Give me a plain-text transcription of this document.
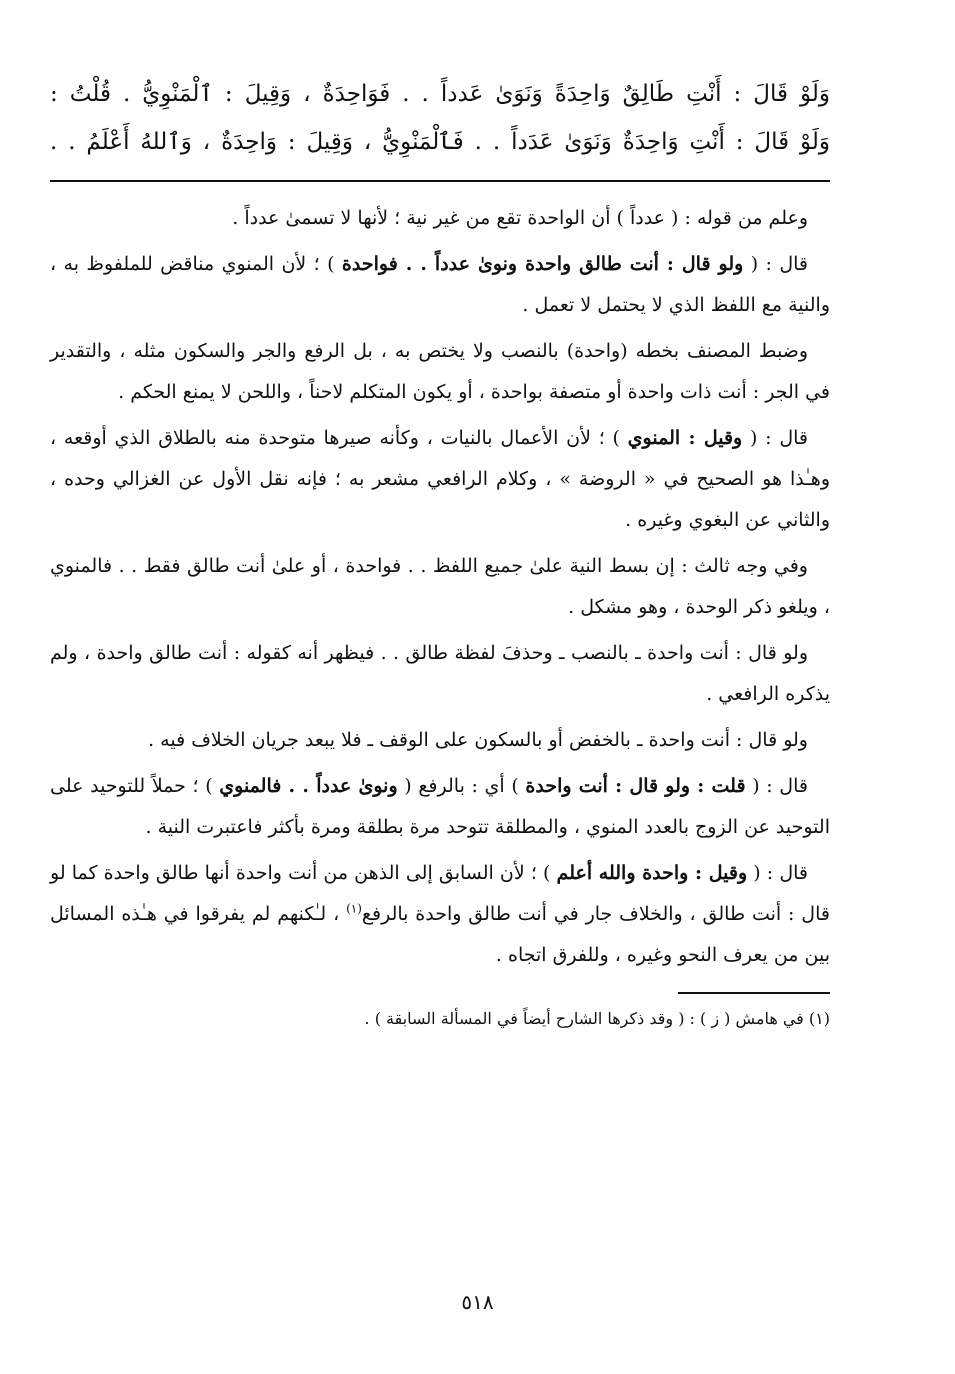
وَلَوْ قَالَ : أَنْتِ طَالِقٌ وَاحِدَةً وَنَوَىٰ عَدداً . . فَوَاحِدَةٌ ، وَقِيلَ : ٱلْمَنْوِيُّ . قُلْتُ :

وَلَوْ قَالَ : أَنْتِ وَاحِدَةٌ وَنَوَىٰ عَدَداً . . فَٱلْمَنْوِيُّ ، وَقِيلَ : وَاحِدَةٌ ، وَٱللهُ أَعْلَمُ . .

وعلم من قوله : ( عدداً ) أن الواحدة تقع من غير نية ؛ لأنها لا تسمىٰ عدداً .

قال : ( ولو قال : أنت طالق واحدة ونوىٰ عدداً . . فواحدة ) ؛ لأن المنوي مناقض للملفوظ به ، والنية مع اللفظ الذي لا يحتمل لا تعمل .

وضبط المصنف بخطه (واحدة) بالنصب ولا يختص به ، بل الرفع والجر والسكون مثله ، والتقدير في الجر : أنت ذات واحدة أو متصفة بواحدة ، أو يكون المتكلم لاحناً ، واللحن لا يمنع الحكم .

قال : ( وقيل : المنوي ) ؛ لأن الأعمال بالنيات ، وكأنه صيرها متوحدة منه بالطلاق الذي أوقعه ، وهـٰذا هو الصحيح في « الروضة » ، وكلام الرافعي مشعر به ؛ فإنه نقل الأول عن الغزالي وحده ، والثاني عن البغوي وغيره .

وفي وجه ثالث : إن بسط النية علىٰ جميع اللفظ . . فواحدة ، أو علىٰ أنت طالق فقط . . فالمنوي ، ويلغو ذكر الوحدة ، وهو مشكل .

ولو قال : أنت واحدة ـ بالنصب ـ وحذفَ لفظة طالق . . فيظهر أنه كقوله : أنت طالق واحدة ، ولم يذكره الرافعي .

ولو قال : أنت واحدة ـ بالخفض أو بالسكون على الوقف ـ فلا يبعد جريان الخلاف فيه .

قال : ( قلت : ولو قال : أنت واحدة ) أي : بالرفع ( ونوىٰ عدداً . . فالمنوي ) ؛ حملاً للتوحيد على التوحيد عن الزوج بالعدد المنوي ، والمطلقة تتوحد مرة بطلقة ومرة بأكثر فاعتبرت النية .

قال : ( وقيل : واحدة والله أعلم ) ؛ لأن السابق إلى الذهن من أنت واحدة أنها طالق واحدة كما لو قال : أنت طالق ، والخلاف جار في أنت طالق واحدة بالرفع$^{(١)}$ ، لـٰكنهم لم يفرقوا في هـٰذه المسائل بين من يعرف النحو وغيره ، وللفرق اتجاه .

(١) في هامش ( ز ) : ( وقد ذكرها الشارح أيضاً في المسألة السابقة ) .
٥١٨
